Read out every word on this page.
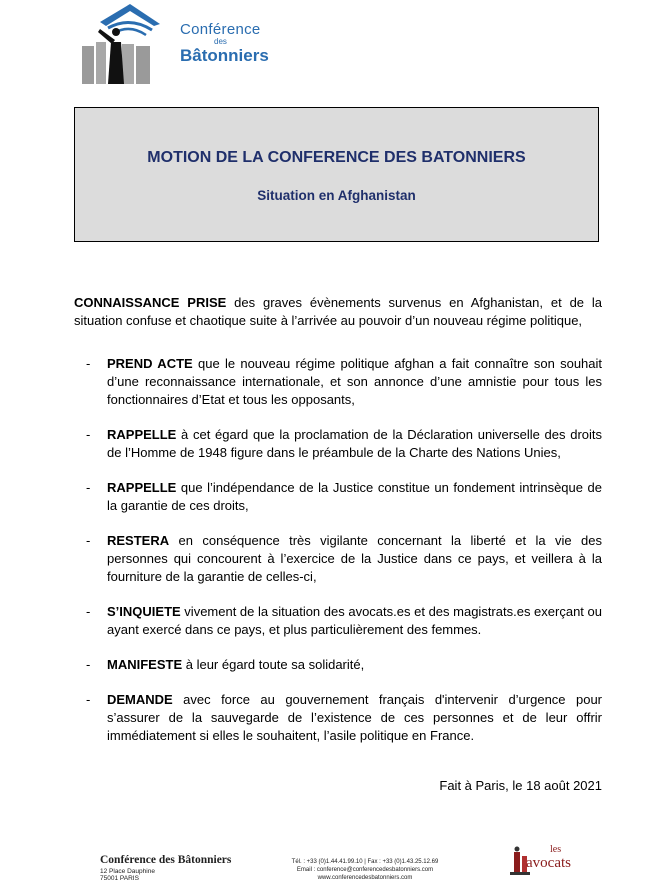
Conférence
des
Bâtonniers
MOTION DE LA CONFERENCE DES BATONNIERS
Situation en Afghanistan
CONNAISSANCE PRISE des graves évènements survenus en Afghanistan, et de la situation confuse et chaotique suite à l’arrivée au pouvoir d’un nouveau régime politique,
-	PREND ACTE que le nouveau régime politique afghan a fait connaître son souhait d’une reconnaissance internationale, et son annonce d’une amnistie pour tous les fonctionnaires d’Etat et tous les opposants,
-	RAPPELLE à cet égard que la proclamation de la Déclaration universelle des droits de l’Homme de 1948 figure dans le préambule de la Charte des Nations Unies,
-	RAPPELLE que l’indépendance de la Justice constitue un fondement intrinsèque de la garantie de ces droits,
-	RESTERA en conséquence très vigilante concernant la liberté et la vie des personnes qui concourent à l’exercice de la Justice dans ce pays, et veillera à la fourniture de la garantie de celles-ci,
-	S’INQUIETE vivement de la situation des avocats.es et des magistrats.es exerçant ou ayant exercé dans ce pays, et plus particulièrement des femmes.
-	MANIFESTE à leur égard toute sa solidarité,
-	DEMANDE avec force au gouvernement français d'intervenir d’urgence pour s’assurer de la sauvegarde de l’existence de ces personnes et de leur offrir immédiatement si elles le souhaitent, l’asile politique en France.
Fait à Paris, le 18 août 2021
Conférence des Bâtonniers
12 Place Dauphine
75001 PARIS
Tél. : +33 (0)1.44.41.99.10 | Fax : +33 (0)1.43.25.12.69
Email : conference@conferencedesbatonniers.com
www.conferencedesbatonniers.com
les
avocats
